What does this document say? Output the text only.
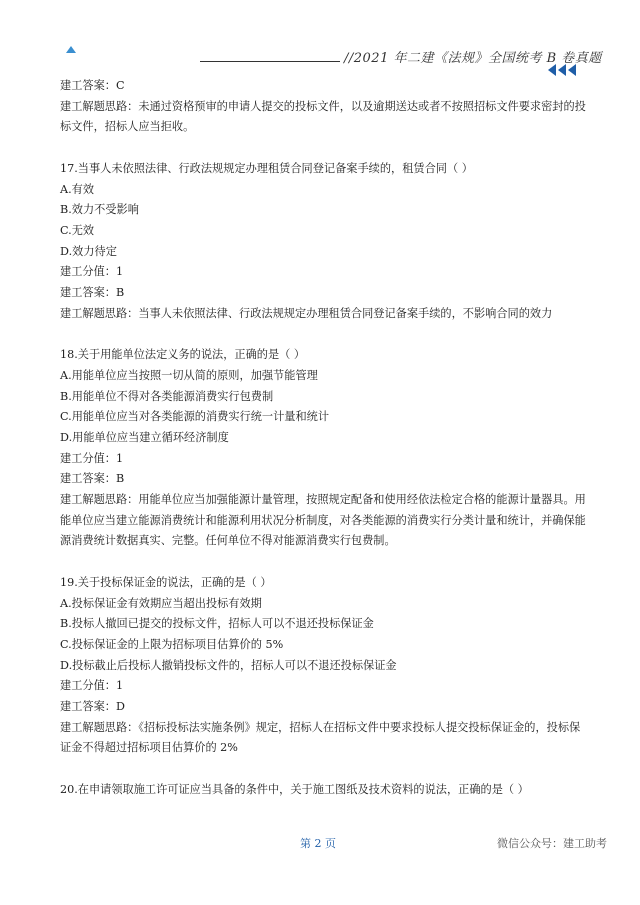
//2021 年二建《法规》全国统考 B 卷真题
建工答案：C
建工解题思路：未通过资格预审的申请人提交的投标文件，以及逾期送达或者不按照招标文件要求密封的投标文件，招标人应当拒收。
17.当事人未依照法律、行政法规规定办理租赁合同登记备案手续的，租赁合同（ ）
A.有效
B.效力不受影响
C.无效
D.效力待定
建工分值：1
建工答案：B
建工解题思路：当事人未依照法律、行政法规规定办理租赁合同登记备案手续的，不影响合同的效力
18.关于用能单位法定义务的说法，正确的是（ ）
A.用能单位应当按照一切从简的原则，加强节能管理
B.用能单位不得对各类能源消费实行包费制
C.用能单位应当对各类能源的消费实行统一计量和统计
D.用能单位应当建立循环经济制度
建工分值：1
建工答案：B
建工解题思路：用能单位应当加强能源计量管理，按照规定配备和使用经依法检定合格的能源计量器具。用能单位应当建立能源消费统计和能源利用状况分析制度，对各类能源的消费实行分类计量和统计，并确保能源消费统计数据真实、完整。任何单位不得对能源消费实行包费制。
19.关于投标保证金的说法，正确的是（ ）
A.投标保证金有效期应当超出投标有效期
B.投标人撤回已提交的投标文件，招标人可以不退还投标保证金
C.投标保证金的上限为招标项目估算价的 5%
D.投标截止后投标人撤销投标文件的，招标人可以不退还投标保证金
建工分值：1
建工答案：D
建工解题思路：《招标投标法实施条例》规定，招标人在招标文件中要求投标人提交投标保证金的，投标保证金不得超过招标项目估算价的 2%
20.在申请领取施工许可证应当具备的条件中，关于施工图纸及技术资料的说法，正确的是（ ）
第 2 页	微信公众号：建工助考
